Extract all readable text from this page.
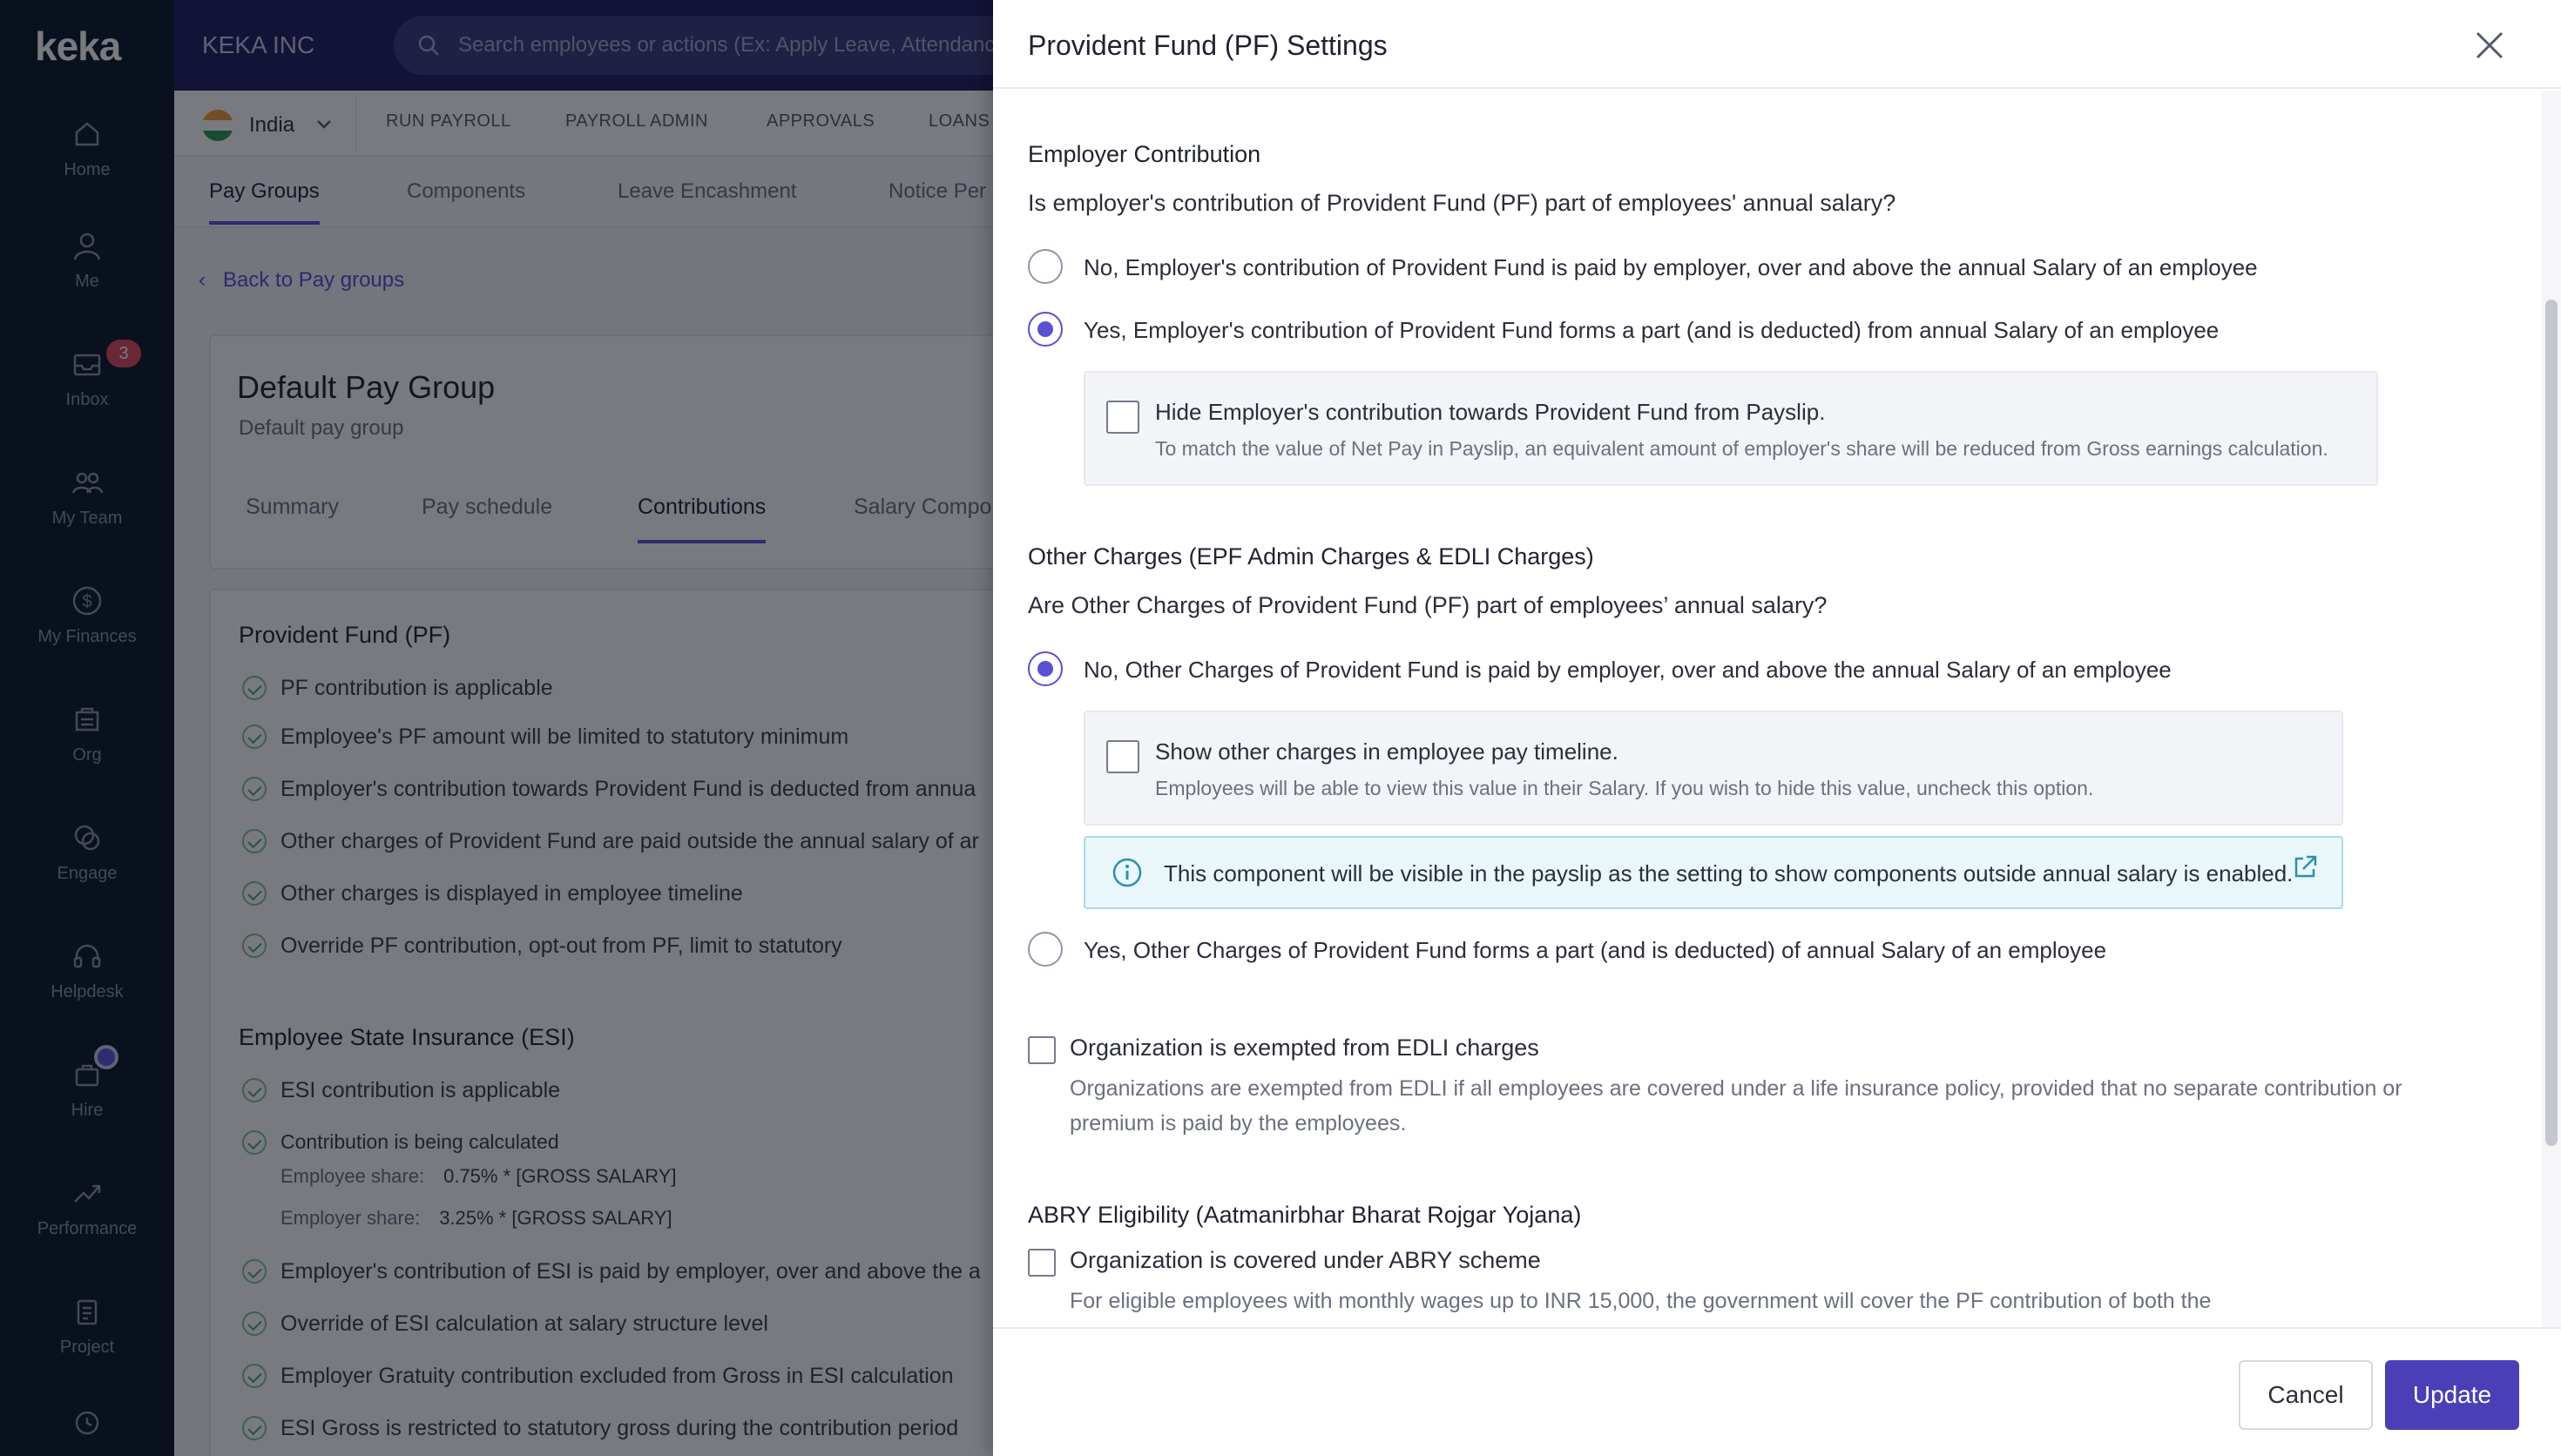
Provident Fund (PF) Settings
Employer Contribution
Is employer's contribution of Provident Fund (PF) part of employees' annual salary?
No, Employer's contribution of Provident Fund is paid by employer, over and above the annual Salary of an employee
Yes, Employer's contribution of Provident Fund forms a part (and is deducted) from annual Salary of an employee
Hide Employer's contribution towards Provident Fund from Payslip.
To match the value of Net Pay in Payslip, an equivalent amount of employer's share will be reduced from Gross earnings calculation.
Other Charges (EPF Admin Charges & EDLI Charges)
Are Other Charges of Provident Fund (PF) part of employees’ annual salary?
No, Other Charges of Provident Fund is paid by employer, over and above the annual Salary of an employee
Show other charges in employee pay timeline.
Employees will be able to view this value in their Salary. If you wish to hide this value, uncheck this option.
This component will be visible in the payslip as the setting to show components outside annual salary is enabled.
Yes, Other Charges of Provident Fund forms a part (and is deducted) of annual Salary of an employee
Organization is exempted from EDLI charges
Organizations are exempted from EDLI if all employees are covered under a life insurance policy, provided that no separate contribution or premium is paid by the employees.
ABRY Eligibility (Aatmanirbhar Bharat Rojgar Yojana)
Organization is covered under ABRY scheme
For eligible employees with monthly wages up to INR 15,000, the government will cover the PF contribution of both the
Cancel	Update
